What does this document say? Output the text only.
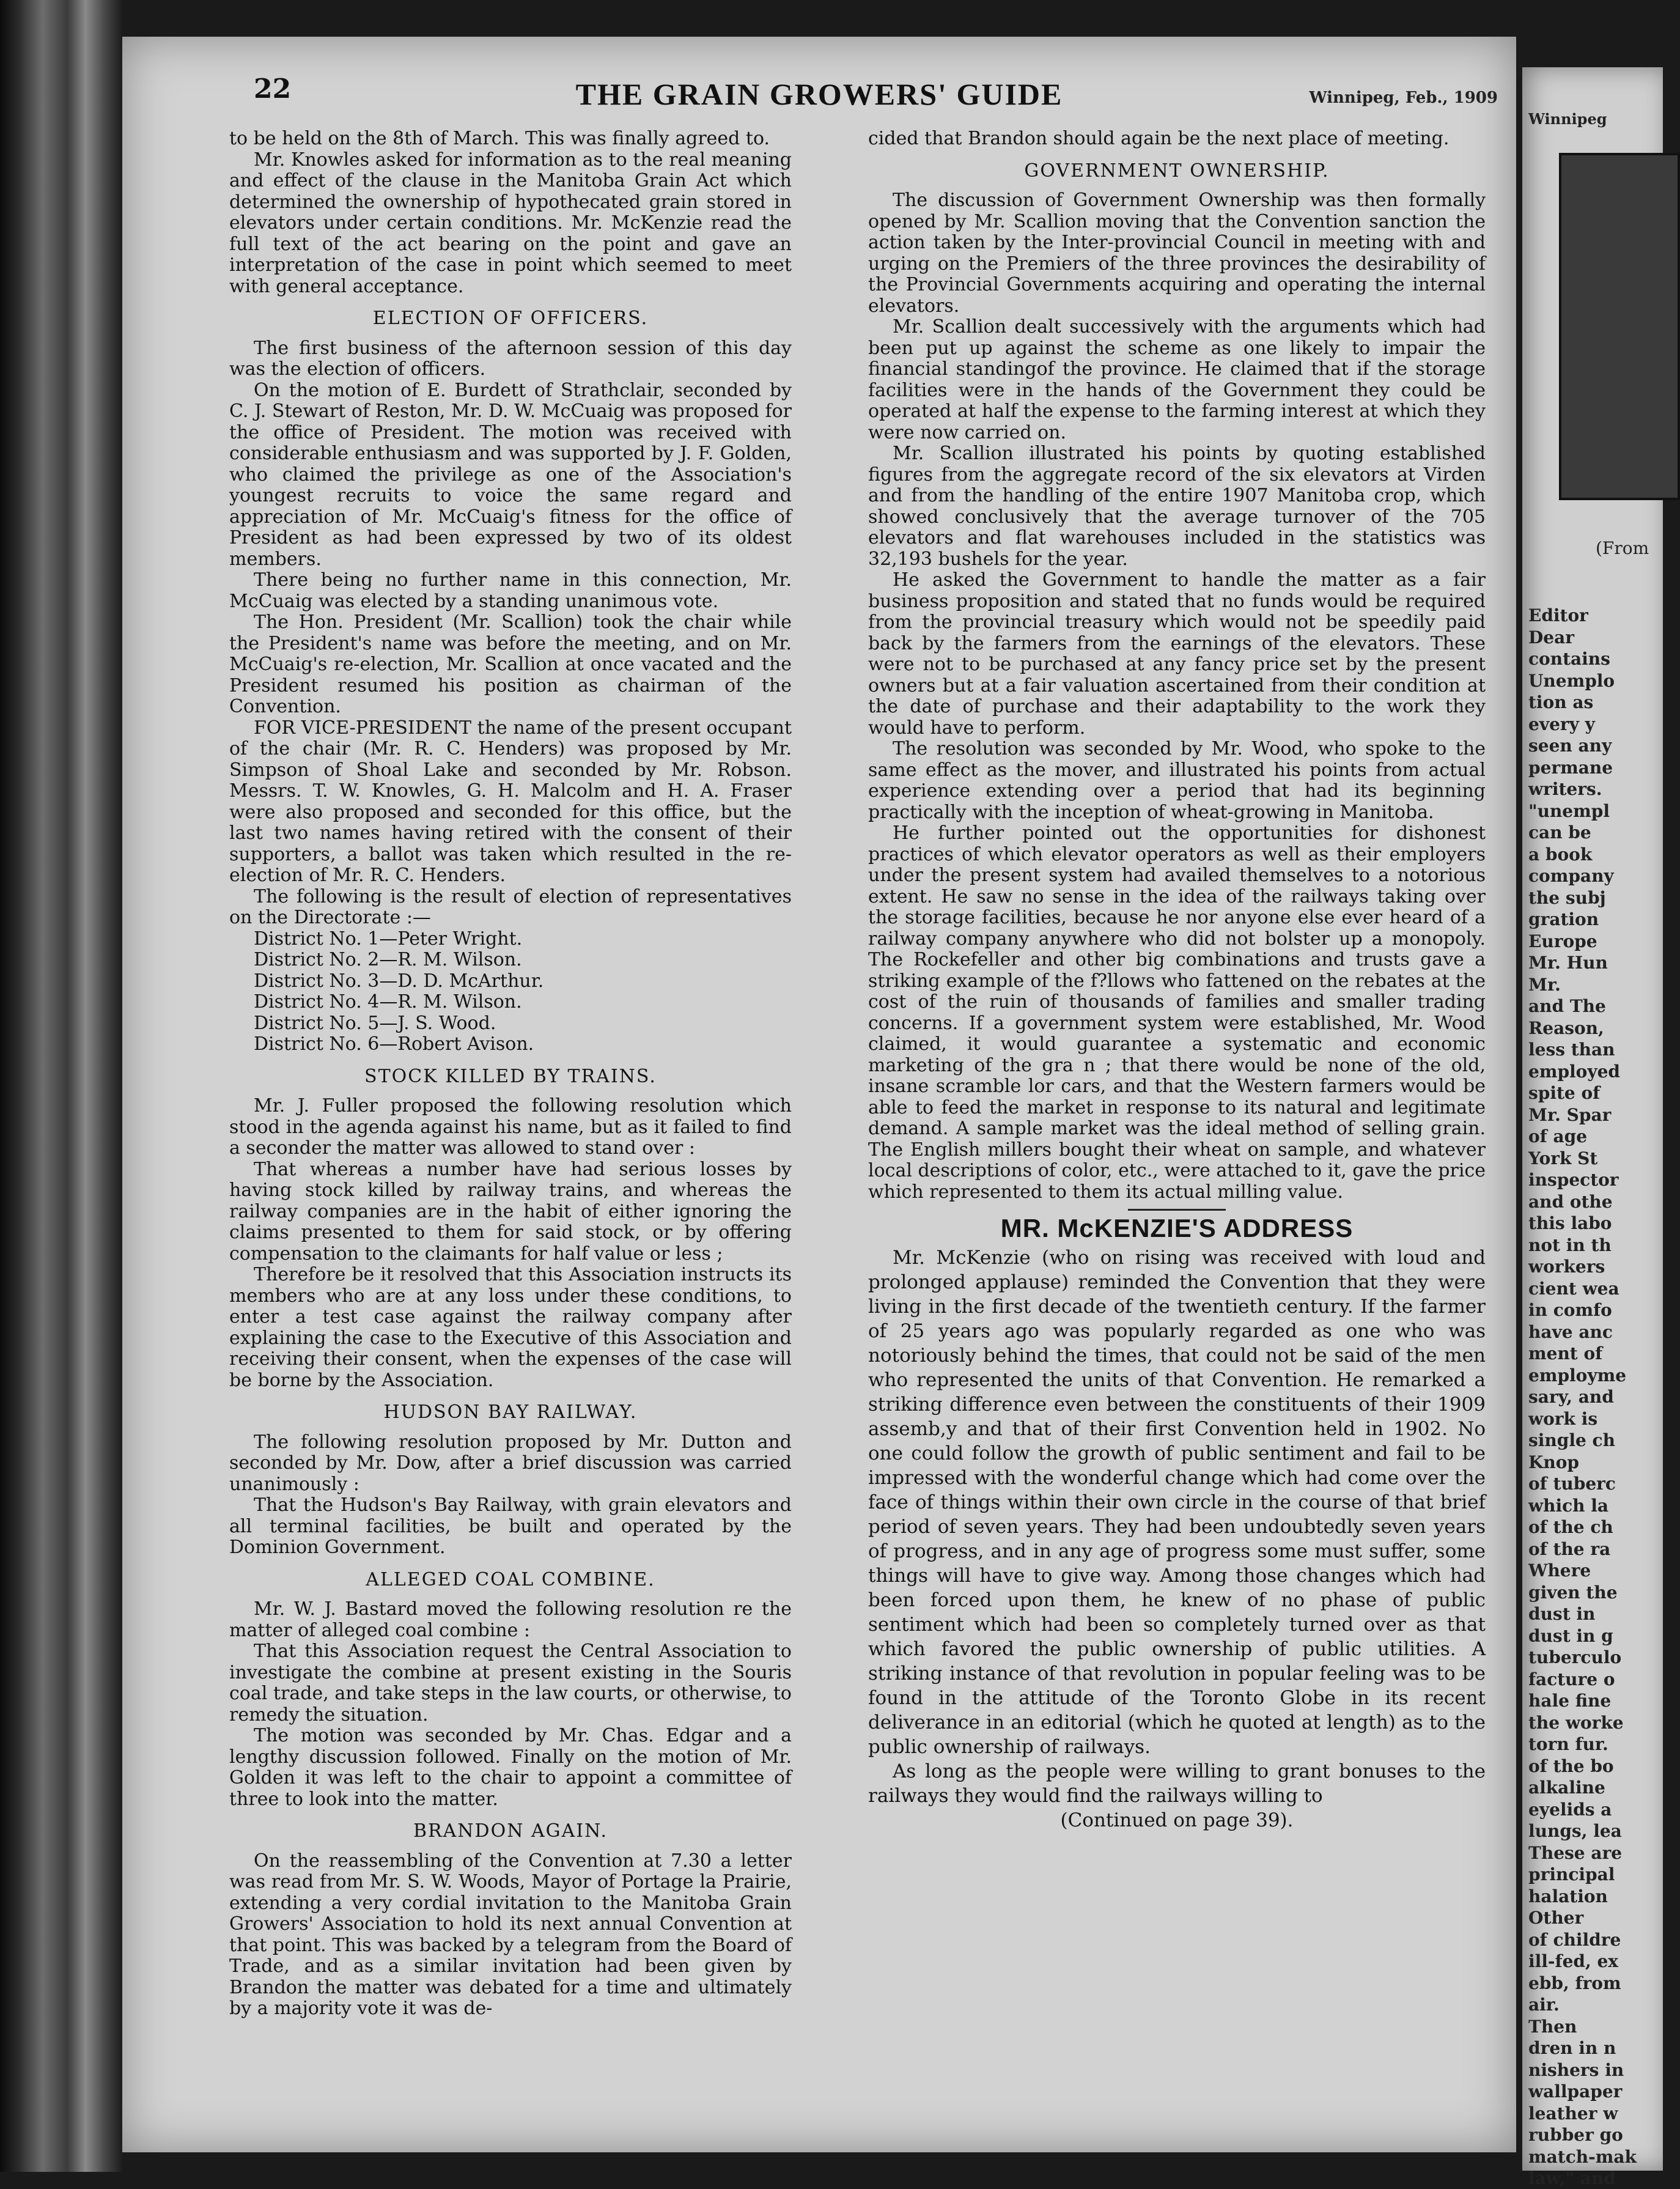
22	THE GRAIN GROWERS' GUIDE	Winnipeg, Feb., 1909

to be held on the 8th of March. This was finally agreed to.

Mr. Knowles asked for information as to the real meaning and effect of the clause in the Manitoba Grain Act which determined the ownership of hypothecated grain stored in elevators under certain conditions. Mr. McKenzie read the full text of the act bearing on the point and gave an interpretation of the case in point which seemed to meet with general acceptance.

ELECTION OF OFFICERS.

The first business of the afternoon session of this day was the election of officers.

On the motion of E. Burdett of Strathclair, seconded by C. J. Stewart of Reston, Mr. D. W. McCuaig was proposed for the office of President. The motion was received with considerable enthusiasm and was supported by J. F. Golden, who claimed the privilege as one of the Association's youngest recruits to voice the same regard and appreciation of Mr. McCuaig's fitness for the office of President as had been expressed by two of its oldest members.

There being no further name in this connection, Mr. McCuaig was elected by a standing unanimous vote.

The Hon. President (Mr. Scallion) took the chair while the President's name was before the meeting, and on Mr. McCuaig's re-election, Mr. Scallion at once vacated and the President resumed his position as chairman of the Convention.

FOR VICE-PRESIDENT the name of the present occupant of the chair (Mr. R. C. Henders) was proposed by Mr. Simpson of Shoal Lake and seconded by Mr. Robson. Messrs. T. W. Knowles, G. H. Malcolm and H. A. Fraser were also proposed and seconded for this office, but the last two names having retired with the consent of their supporters, a ballot was taken which resulted in the re-election of Mr. R. C. Henders.

The following is the result of election of representatives on the Directorate :—

District No. 1—Peter Wright.
District No. 2—R. M. Wilson.
District No. 3—D. D. McArthur.
District No. 4—R. M. Wilson.
District No. 5—J. S. Wood.
District No. 6—Robert Avison.
STOCK KILLED BY TRAINS.

Mr. J. Fuller proposed the following resolution which stood in the agenda against his name, but as it failed to find a seconder the matter was allowed to stand over :

That whereas a number have had serious losses by having stock killed by railway trains, and whereas the railway companies are in the habit of either ignoring the claims presented to them for said stock, or by offering compensation to the claimants for half value or less ;

Therefore be it resolved that this Association instructs its members who are at any loss under these conditions, to enter a test case against the railway company after explaining the case to the Executive of this Association and receiving their consent, when the expenses of the case will be borne by the Association.

HUDSON BAY RAILWAY.

The following resolution proposed by Mr. Dutton and seconded by Mr. Dow, after a brief discussion was carried unanimously :

That the Hudson's Bay Railway, with grain elevators and all terminal facilities, be built and operated by the Dominion Government.

ALLEGED COAL COMBINE.

Mr. W. J. Bastard moved the following resolution re the matter of alleged coal combine :

That this Association request the Central Association to investigate the combine at present existing in the Souris coal trade, and take steps in the law courts, or otherwise, to remedy the situation.

The motion was seconded by Mr. Chas. Edgar and a lengthy discussion followed. Finally on the motion of Mr. Golden it was left to the chair to appoint a committee of three to look into the matter.

BRANDON AGAIN.

On the reassembling of the Convention at 7.30 a letter was read from Mr. S. W. Woods, Mayor of Portage la Prairie, extending a very cordial invitation to the Manitoba Grain Growers' Association to hold its next annual Convention at that point. This was backed by a telegram from the Board of Trade, and as a similar invitation had been given by Brandon the matter was debated for a time and ultimately by a majority vote it was de-

cided that Brandon should again be the next place of meeting.

GOVERNMENT OWNERSHIP.

The discussion of Government Ownership was then formally opened by Mr. Scallion moving that the Convention sanction the action taken by the Inter-provincial Council in meeting with and urging on the Premiers of the three provinces the desirability of the Provincial Governments acquiring and operating the internal elevators.

Mr. Scallion dealt successively with the arguments which had been put up against the scheme as one likely to impair the financial standingof the province. He claimed that if the storage facilities were in the hands of the Government they could be operated at half the expense to the farming interest at which they were now carried on.

Mr. Scallion illustrated his points by quoting established figures from the aggregate record of the six elevators at Virden and from the handling of the entire 1907 Manitoba crop, which showed conclusively that the average turnover of the 705 elevators and flat warehouses included in the statistics was 32,193 bushels for the year.

He asked the Government to handle the matter as a fair business proposition and stated that no funds would be required from the provincial treasury which would not be speedily paid back by the farmers from the earnings of the elevators. These were not to be purchased at any fancy price set by the present owners but at a fair valuation ascertained from their condition at the date of purchase and their adaptability to the work they would have to perform.

The resolution was seconded by Mr. Wood, who spoke to the same effect as the mover, and illustrated his points from actual experience extending over a period that had its beginning practically with the inception of wheat-growing in Manitoba.

He further pointed out the opportunities for dishonest practices of which elevator operators as well as their employers under the present system had availed themselves to a notorious extent. He saw no sense in the idea of the railways taking over the storage facilities, because he nor anyone else ever heard of a railway company anywhere who did not bolster up a monopoly. The Rockefeller and other big combinations and trusts gave a striking example of the f?llows who fattened on the rebates at the cost of the ruin of thousands of families and smaller trading concerns. If a government system were established, Mr. Wood claimed, it would guarantee a systematic and economic marketing of the gra n ; that there would be none of the old, insane scramble lor cars, and that the Western farmers would be able to feed the market in response to its natural and legitimate demand. A sample market was the ideal method of selling grain. The English millers bought their wheat on sample, and whatever local descriptions of color, etc., were attached to it, gave the price which represented to them its actual milling value.

MR. McKENZIE'S ADDRESS

Mr. McKenzie (who on rising was received with loud and prolonged applause) reminded the Convention that they were living in the first decade of the twentieth century. If the farmer of 25 years ago was popularly regarded as one who was notoriously behind the times, that could not be said of the men who represented the units of that Convention. He remarked a striking difference even between the constituents of their 1909 assemb,y and that of their first Convention held in 1902. No one could follow the growth of public sentiment and fail to be impressed with the wonderful change which had come over the face of things within their own circle in the course of that brief period of seven years. They had been undoubtedly seven years of progress, and in any age of progress some must suffer, some things will have to give way. Among those changes which had been forced upon them, he knew of no phase of public sentiment which had been so completely turned over as that which favored the public ownership of public utilities. A striking instance of that revolution in popular feeling was to be found in the attitude of the Toronto Globe in its recent deliverance in an editorial (which he quoted at length) as to the public ownership of railways.

As long as the people were willing to grant bonuses to the railways they would find the railways willing to

(Continued on page 39).

Winnipeg
(From
Editor
Dear
contains
Unemplo
tion as
every y
seen any
permane
writers.
"unempl
can be
a book
company
the subj
gration
Europe
Mr. Hun
Mr.
and The
Reason,
less than
employed
spite of
Mr. Spar
of age
York St
inspector
and othe
this labo
not in th
workers
cient wea
in comfo
have anc
ment of
employme
sary, and
work is
single ch
Knop
of tuberc
which la
of the ch
of the ra
Where
given the
dust in
dust in g
tuberculo
facture o
hale fine
the worke
torn fur.
of the bo
alkaline
eyelids a
lungs, lea
These are
principal
halation
Other
of childre
ill-fed, ex
ebb, from
air.
Then
dren in n
nishers in
wallpaper
leather w
rubber go
match-mak
law," and
